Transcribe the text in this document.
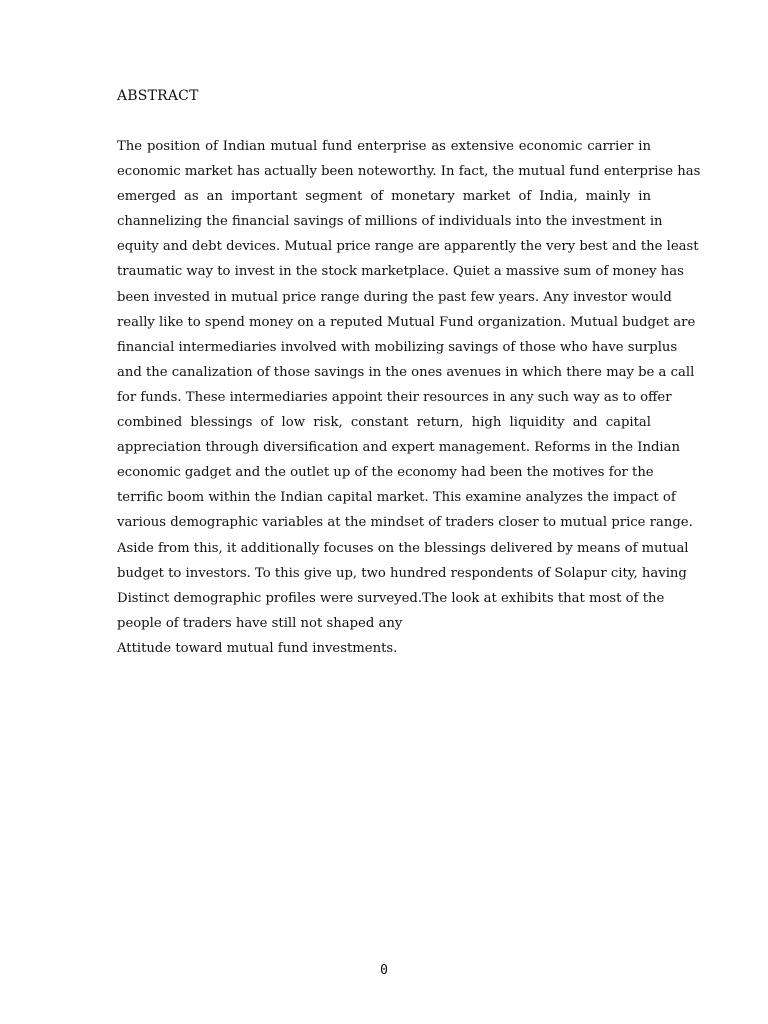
ABSTRACT
The position of Indian mutual fund enterprise as extensive economic carrier in
economic market has actually been noteworthy. In fact, the mutual fund enterprise has
emerged as an important segment of monetary market of India, mainly in
channelizing the financial savings of millions of individuals into the investment in
equity and debt devices. Mutual price range are apparently the very best and the least
traumatic way to invest in the stock marketplace. Quiet a massive sum of money has
been invested in mutual price range during the past few years. Any investor would
really like to spend money on a reputed Mutual Fund organization. Mutual budget are
financial intermediaries involved with mobilizing savings of those who have surplus
and the canalization of those savings in the ones avenues in which there may be a call
for funds. These intermediaries appoint their resources in any such way as to offer
combined blessings of low risk, constant return, high liquidity and capital
appreciation through diversification and expert management. Reforms in the Indian
economic gadget and the outlet up of the economy had been the motives for the
terrific boom within the Indian capital market. This examine analyzes the impact of
various demographic variables at the mindset of traders closer to mutual price range.
Aside from this, it additionally focuses on the blessings delivered by means of mutual
budget to investors. To this give up, two hundred respondents of Solapur city, having
Distinct demographic profiles were surveyed.The look at exhibits that most of the
people of traders have still not shaped any
Attitude toward mutual fund investments.
0
